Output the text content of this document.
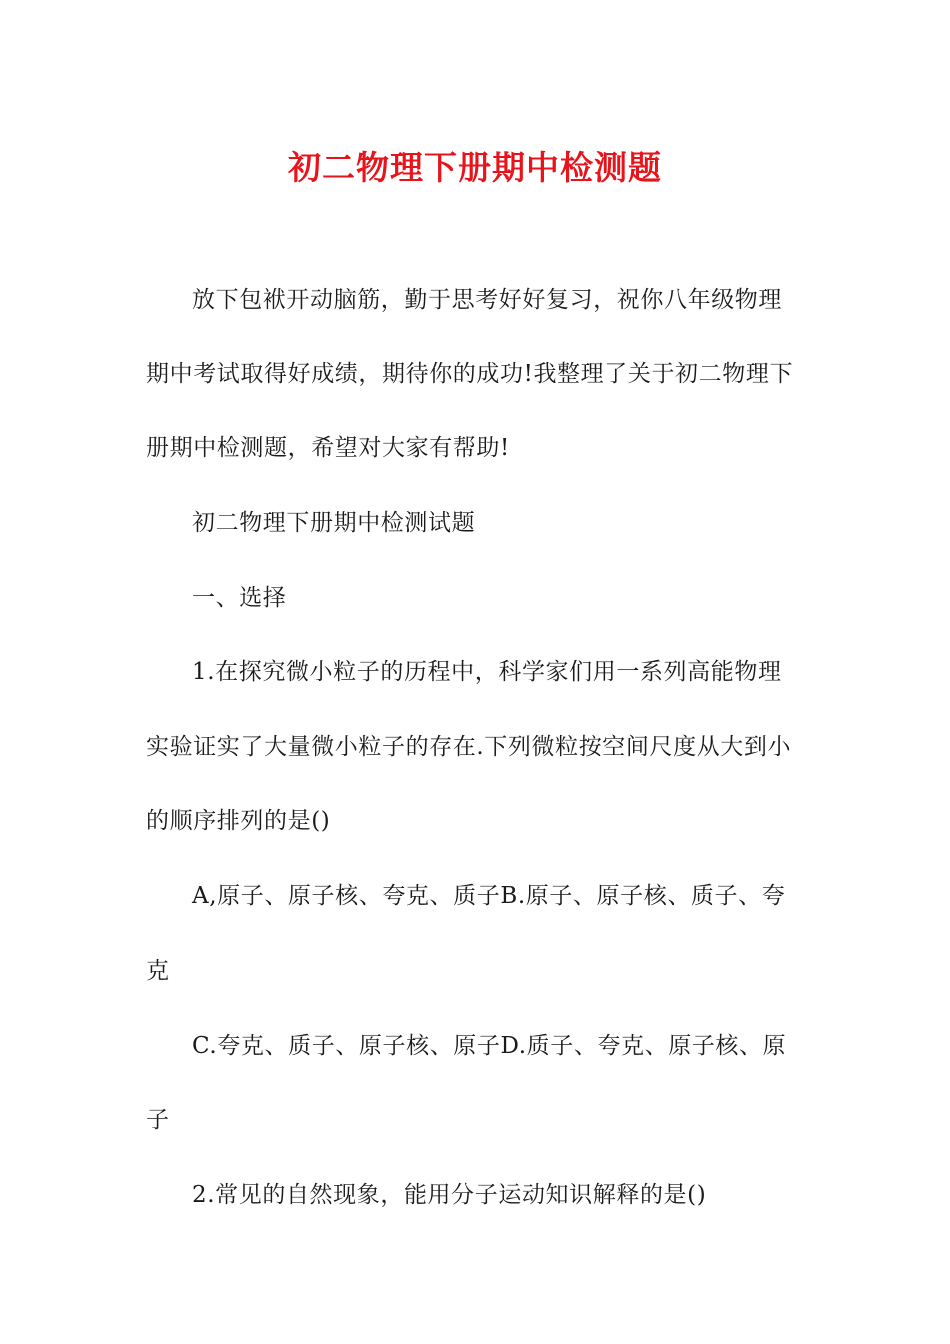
初二物理下册期中检测题
放下包袱开动脑筋，勤于思考好好复习，祝你八年级物理
期中考试取得好成绩，期待你的成功!我整理了关于初二物理下
册期中检测题，希望对大家有帮助!
初二物理下册期中检测试题
一、选择
1.在探究微小粒子的历程中，科学家们用一系列高能物理
实验证实了大量微小粒子的存在.下列微粒按空间尺度从大到小
的顺序排列的是()
A,原子、原子核、夸克、质子B.原子、原子核、质子、夸
克
C.夸克、质子、原子核、原子D.质子、夸克、原子核、原
子
2.常见的自然现象，能用分子运动知识解释的是()
